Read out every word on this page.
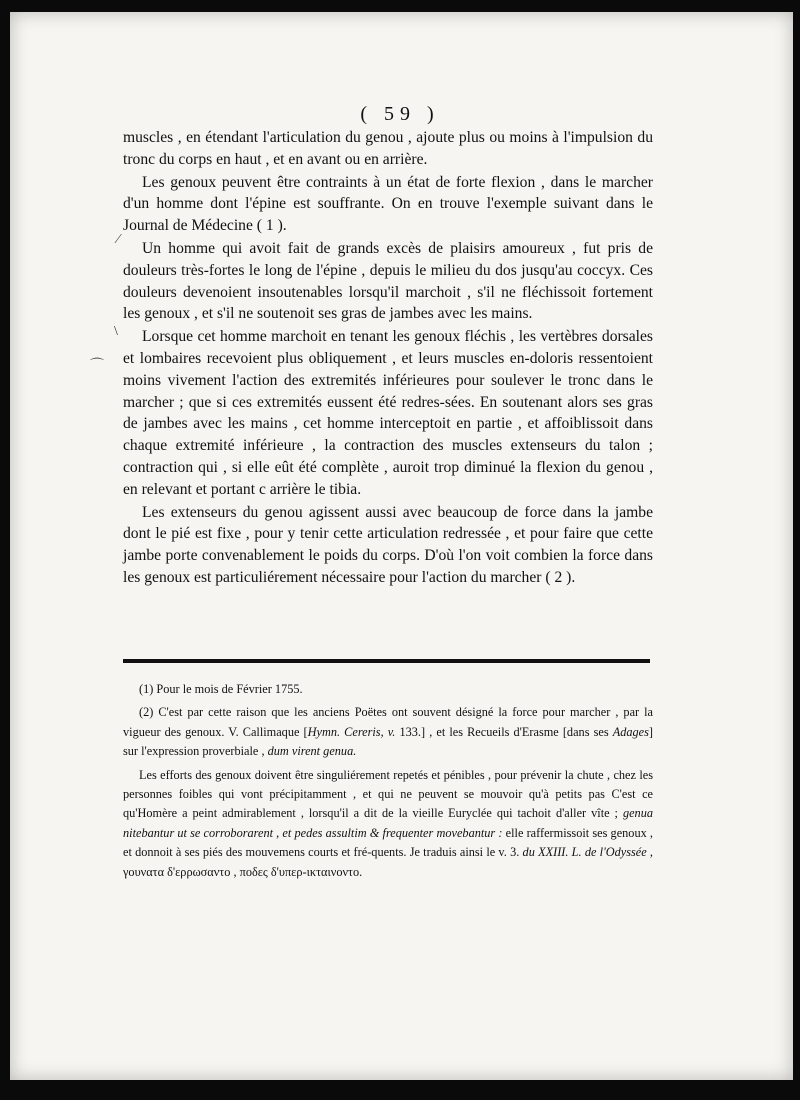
( 59 )

muscles , en étendant l'articulation du genou , ajoute plus ou moins à l'impulsion du tronc du corps en haut , et en avant ou en arrière.

Les genoux peuvent être contraints à un état de forte flexion , dans le marcher d'un homme dont l'épine est souffrante. On en trouve l'exemple suivant dans le Journal de Médecine ( 1 ).

Un homme qui avoit fait de grands excès de plaisirs amoureux , fut pris de douleurs très-fortes le long de l'épine , depuis le milieu du dos jusqu'au coccyx. Ces douleurs devenoient insoutenables lorsqu'il marchoit , s'il ne fléchissoit fortement les genoux , et s'il ne soutenoit ses gras de jambes avec les mains.

Lorsque cet homme marchoit en tenant les genoux fléchis , les vertèbres dorsales et lombaires recevoient plus obliquement , et leurs muscles en-doloris ressentoient moins vivement l'action des extremités inférieures pour soulever le tronc dans le marcher ; que si ces extremités eussent été redres-sées. En soutenant alors ses gras de jambes avec les mains , cet homme interceptoit en partie , et affoiblissoit dans chaque extremité inférieure , la contraction des muscles extenseurs du talon ; contraction qui , si elle eût été complète , auroit trop diminué la flexion du genou , en relevant et portant c arrière le tibia.

Les extenseurs du genou agissent aussi avec beaucoup de force dans la jambe dont le pié est fixe , pour y tenir cette articulation redressée , et pour faire que cette jambe porte convenablement le poids du corps. D'où l'on voit combien la force dans les genoux est particuliérement nécessaire pour l'action du marcher ( 2 ).

⁄
\
⌒

(1) Pour le mois de Février 1755.

(2) C'est par cette raison que les anciens Poëtes ont souvent désigné la force pour marcher , par la vigueur des genoux. V. Callimaque [Hymn. Cereris, v. 133.] , et les Recueils d'Erasme [dans ses Adages] sur l'expression proverbiale , dum virent genua.

Les efforts des genoux doivent être singuliérement repetés et pénibles , pour prévenir la chute , chez les personnes foibles qui vont précipitamment , et qui ne peuvent se mouvoir qu'à petits pas C'est ce qu'Homère a peint admirablement , lorsqu'il a dit de la vieille Euryclée qui tachoit d'aller vîte ; genua nitebantur ut se corroborarent , et pedes assultim & frequenter movebantur : elle raffermissoit ses genoux , et donnoit à ses piés des mouvemens courts et fré-quents. Je traduis ainsi le v. 3. du XXIII. L. de l'Odyssée , γουνατα δ'ερρωσαντο , ποδες δ'υπερ-ικταινοντο.
